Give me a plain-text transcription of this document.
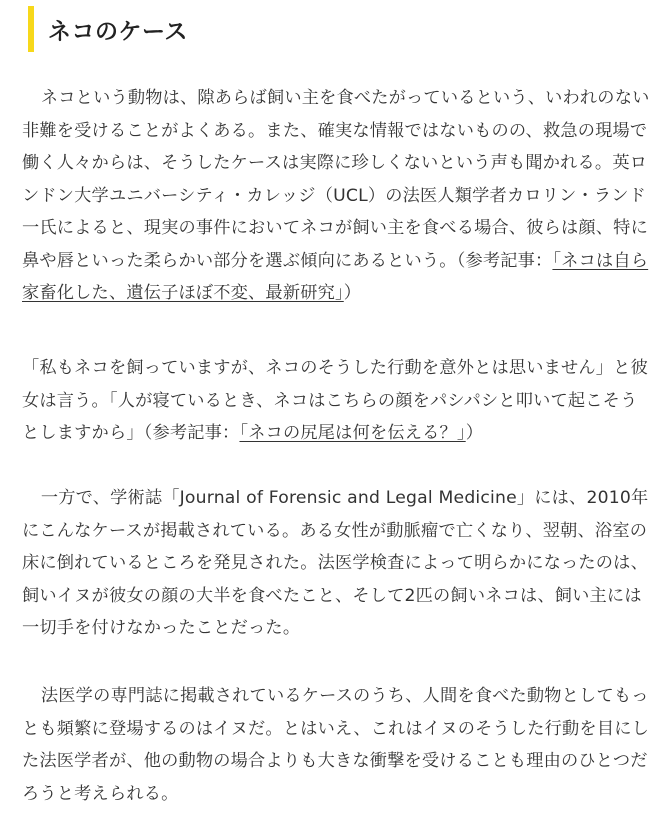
ネコのケース

ネコという動物は、隙あらば飼い主を食べたがっているという、いわれのない非難を受けることがよくある。また、確実な情報ではないものの、救急の現場で働く人々からは、そうしたケースは実際に珍しくないという声も聞かれる。英ロンドン大学ユニバーシティ・カレッジ（UCL）の法医人類学者カロリン・ランド一氏によると、現実の事件においてネコが飼い主を食べる場合、彼らは顔、特に鼻や唇といった柔らかい部分を選ぶ傾向にあるという。（参考記事：「ネコは自ら家畜化した、遺伝子ほぼ不変、最新研究」）

「私もネコを飼っていますが、ネコのそうした行動を意外とは思いません」と彼女は言う。「人が寝ているとき、ネコはこちらの顔をパシパシと叩いて起こそうとしますから」（参考記事：「ネコの尻尾は何を伝える？」）

一方で、学術誌「Journal of Forensic and Legal Medicine」には、2010年にこんなケースが掲載されている。ある女性が動脈瘤で亡くなり、翌朝、浴室の床に倒れているところを発見された。法医学検査によって明らかになったのは、飼いイヌが彼女の顔の大半を食べたこと、そして2匹の飼いネコは、飼い主には一切手を付けなかったことだった。

法医学の専門誌に掲載されているケースのうち、人間を食べた動物としてもっとも頻繁に登場するのはイヌだ。とはいえ、これはイヌのそうした行動を目にした法医学者が、他の動物の場合よりも大きな衝撃を受けることも理由のひとつだろうと考えられる。
